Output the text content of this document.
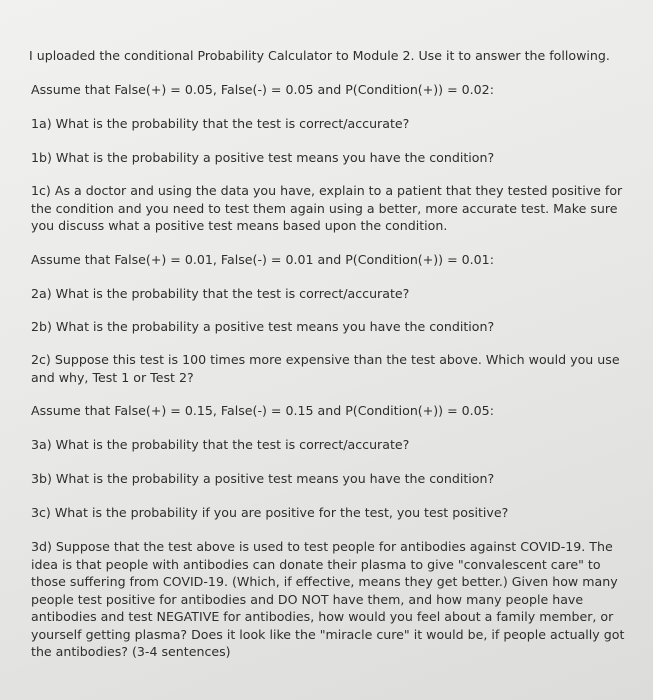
I uploaded the conditional Probability Calculator to Module 2. Use it to answer the following.

Assume that False(+) = 0.05, False(-) = 0.05 and P(Condition(+)) = 0.02:

1a) What is the probability that the test is correct/accurate?

1b) What is the probability a positive test means you have the condition?

1c) As a doctor and using the data you have, explain to a patient that they tested positive for the condition and you need to test them again using a better, more accurate test. Make sure you discuss what a positive test means based upon the condition.

Assume that False(+) = 0.01, False(-) = 0.01 and P(Condition(+)) = 0.01:

2a) What is the probability that the test is correct/accurate?

2b) What is the probability a positive test means you have the condition?

2c) Suppose this test is 100 times more expensive than the test above. Which would you use and why, Test 1 or Test 2?

Assume that False(+) = 0.15, False(-) = 0.15 and P(Condition(+)) = 0.05:

3a) What is the probability that the test is correct/accurate?

3b) What is the probability a positive test means you have the condition?

3c) What is the probability if you are positive for the test, you test positive?

3d) Suppose that the test above is used to test people for antibodies against COVID-19. The idea is that people with antibodies can donate their plasma to give "convalescent care" to those suffering from COVID-19. (Which, if effective, means they get better.) Given how many people test positive for antibodies and DO NOT have them, and how many people have antibodies and test NEGATIVE for antibodies, how would you feel about a family member, or yourself getting plasma? Does it look like the "miracle cure" it would be, if people actually got the antibodies? (3-4 sentences)
